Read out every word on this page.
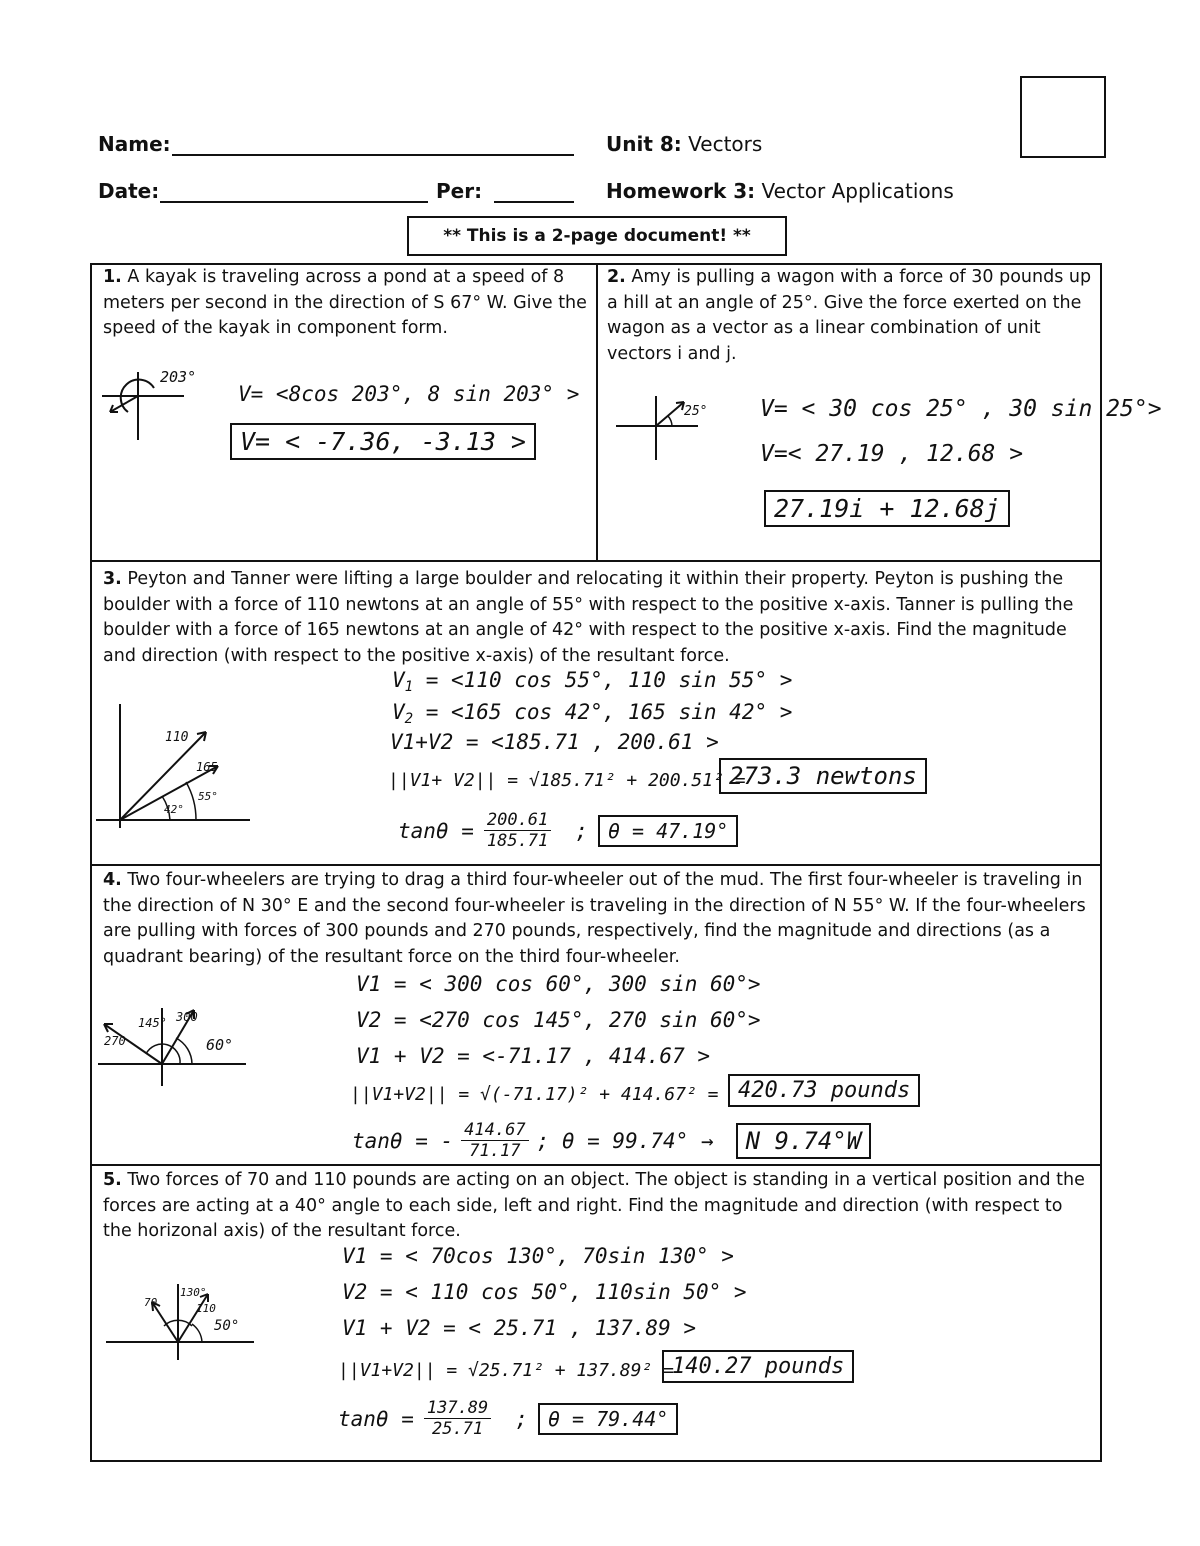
Name:
Date:	Per:
Unit 8: Vectors
Homework 3: Vector Applications
** This is a 2-page document! **
1. A kayak is traveling across a pond at a speed of 8 meters per second in the direction of S 67° W. Give the speed of the kayak in component form.
203°
V= <8cos 203°, 8 sin 203° >
V= < -7.36, -3.13 >
2. Amy is pulling a wagon with a force of 30 pounds up a hill at an angle of 25°. Give the force exerted on the wagon as a vector as a linear combination of unit vectors i and j.
25° V= < 30 cos 25° , 30 sin 25°>
V=< 27.19 , 12.68 >
27.19i + 12.68j
3. Peyton and Tanner were lifting a large boulder and relocating it within their property. Peyton is pushing the boulder with a force of 110 newtons at an angle of 55° with respect to the positive x-axis. Tanner is pulling the boulder with a force of 165 newtons at an angle of 42° with respect to the positive x-axis. Find the magnitude and direction (with respect to the positive x-axis) of the resultant force.
110
165
42°
55°
$V_1 = <110$ cos 55°, 110 sin 55° >
$V_2 = <165$ cos 42°, 165 sin 42° >
V1+V2 = <185.71 , 200.61 >
||V1+ V2|| = √185.71² + 200.51² =
273.3 newtons
$\tan\theta = \frac{200.61}{185.71}$ ;	θ = 47.19°
4. Two four-wheelers are trying to drag a third four-wheeler out of the mud. The first four-wheeler is traveling in the direction of N 30° E and the second four-wheeler is traveling in the direction of N 55° W. If the four-wheelers are pulling with forces of 300 pounds and 270 pounds, respectively, find the magnitude and directions (as a quadrant bearing) of the resultant force on the third four-wheeler.
145° 300
270	60°
V1 = < 300 cos 60°, 300 sin 60°>
V2 = <270 cos 145°, 270 sin 60°>
V1 + V2 = <-71.17 , 414.67 >
||V1+V2|| = √(-71.17)² + 414.67² = 420.73 pounds
tanθ = - $\frac{414.67}{71.17}$ ; θ = 99.74° →	N 9.74°W
5. Two forces of 70 and 110 pounds are acting on an object. The object is standing in a vertical position and the forces are acting at a 40° angle to each side, left and right. Find the magnitude and direction (with respect to the horizonal axis) of the resultant force.
70
130°
110
50°
V1 = < 70cos 130°, 70sin 130° >
V2 = < 110 cos 50°, 110sin 50° >
V1 + V2 = < 25.71 , 137.89 >
||V1+V2|| = √25.71² + 137.89² =
140.27 pounds
$\tan\theta = \frac{137.89}{25.71}$ ;	θ = 79.44°
